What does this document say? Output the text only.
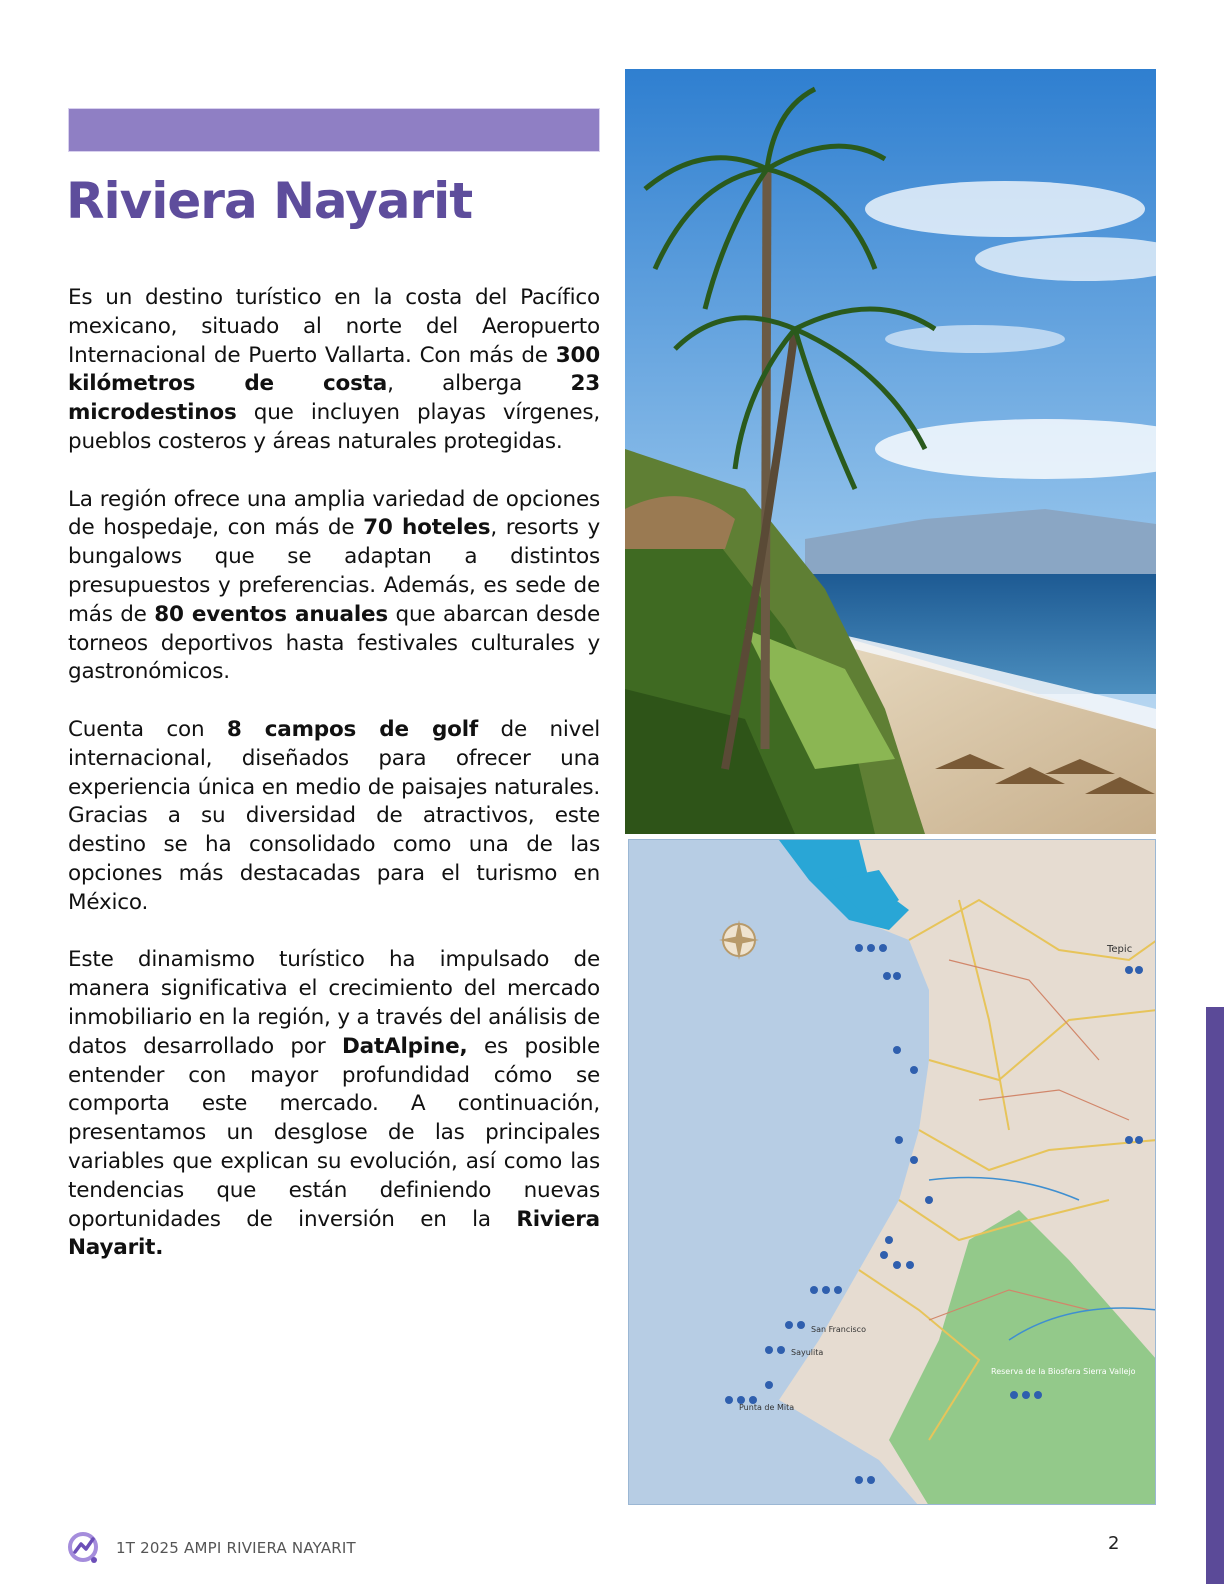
Riviera Nayarit

Es un destino turístico en la costa del Pacífico mexicano, situado al norte del Aeropuerto Internacional de Puerto Vallarta. Con más de 300 kilómetros de costa, alberga 23 microdestinos que incluyen playas vírgenes, pueblos costeros y áreas naturales protegidas.

La región ofrece una amplia variedad de opciones de hospedaje, con más de 70 hoteles, resorts y bungalows que se adaptan a distintos presupuestos y preferencias. Además, es sede de más de 80 eventos anuales que abarcan desde torneos deportivos hasta festivales culturales y gastronómicos.

Cuenta con 8 campos de golf de nivel internacional, diseñados para ofrecer una experiencia única en medio de paisajes naturales. Gracias a su diversidad de atractivos, este destino se ha consolidado como una de las opciones más destacadas para el turismo en México.

Este dinamismo turístico ha impulsado de manera significativa el crecimiento del mercado inmobiliario en la región, y a través del análisis de datos desarrollado por DatAlpine, es posible entender con mayor profundidad cómo se comporta este mercado. A continuación, presentamos un desglose de las principales variables que explican su evolución, así como las tendencias que están definiendo nuevas oportunidades de inversión en la Riviera Nayarit.

Tepic
San Francisco
Sayulita
Punta de Mita
Reserva de la Biosfera Sierra Vallejo
1T 2025 AMPI RIVIERA NAYARIT	2
